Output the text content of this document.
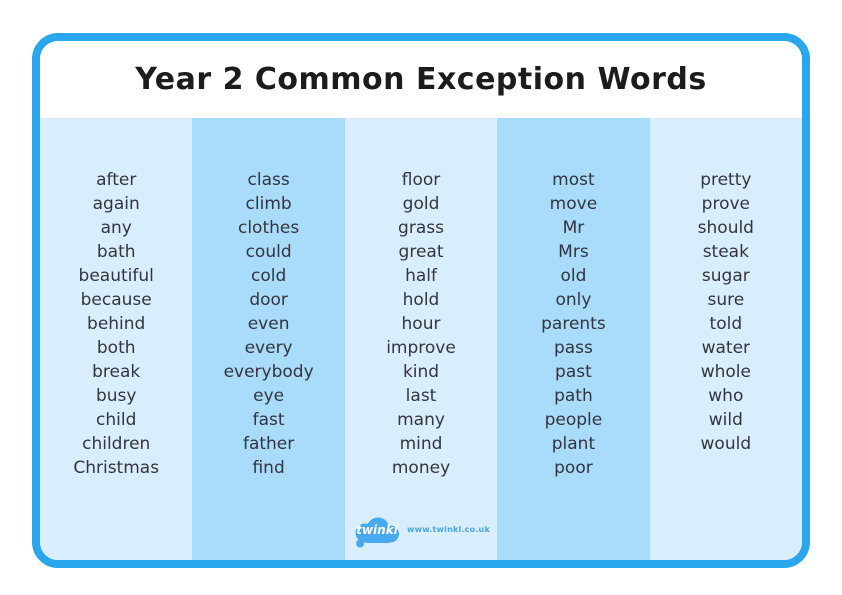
Year 2 Common Exception Words
after
again
any
bath
beautiful
because
behind
both
break
busy
child
children
Christmas
class
climb
clothes
could
cold
door
even
every
everybody
eye
fast
father
find
floor
gold
grass
great
half
hold
hour
improve
kind
last
many
mind
money
most
move
Mr
Mrs
old
only
parents
pass
past
path
people
plant
poor
pretty
prove
should
steak
sugar
sure
told
water
whole
who
wild
would
twinkl	www.twinkl.co.uk
